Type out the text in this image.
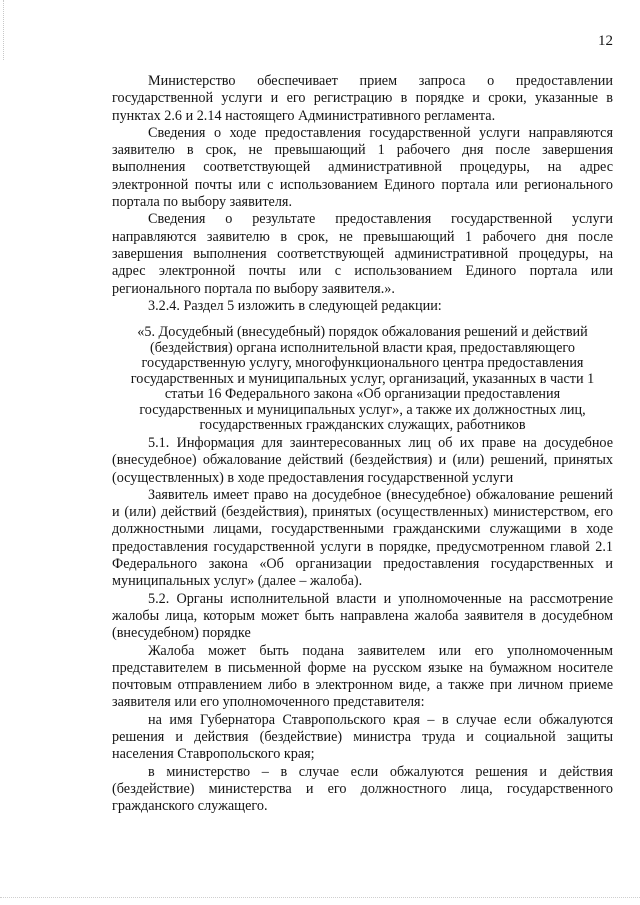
12

Министерство обеспечивает прием запроса о предоставлении государственной услуги и его регистрацию в порядке и сроки, указанные в пунктах 2.6 и 2.14 настоящего Административного регламента.

Сведения о ходе предоставления государственной услуги направляются заявителю в срок, не превышающий 1 рабочего дня после завершения выполнения соответствующей административной процедуры, на адрес электронной почты или с использованием Единого портала или регионального портала по выбору заявителя.

Сведения о результате предоставления государственной услуги направляются заявителю в срок, не превышающий 1 рабочего дня после завершения выполнения соответствующей административной процедуры, на адрес электронной почты или с использованием Единого портала или регионального портала по выбору заявителя.».

3.2.4. Раздел 5 изложить в следующей редакции:

«5. Досудебный (внесудебный) порядок обжалования решений и действий (бездействия) органа исполнительной власти края, предоставляющего государственную услугу, многофункционального центра предоставления государственных и муниципальных услуг, организаций, указанных в части 1 статьи 16 Федерального закона «Об организации предоставления государственных и муниципальных услуг», а также их должностных лиц, государственных гражданских служащих, работников

5.1. Информация для заинтересованных лиц об их праве на досудебное (внесудебное) обжалование действий (бездействия) и (или) решений, принятых (осуществленных) в ходе предоставления государственной услуги

Заявитель имеет право на досудебное (внесудебное) обжалование решений и (или) действий (бездействия), принятых (осуществленных) министерством, его должностными лицами, государственными гражданскими служащими в ходе предоставления государственной услуги в порядке, предусмотренном главой 2.1 Федерального закона «Об организации предоставления государственных и муниципальных услуг» (далее – жалоба).

5.2. Органы исполнительной власти и уполномоченные на рассмотрение жалобы лица, которым может быть направлена жалоба заявителя в досудебном (внесудебном) порядке

Жалоба может быть подана заявителем или его уполномоченным представителем в письменной форме на русском языке на бумажном носителе почтовым отправлением либо в электронном виде, а также при личном приеме заявителя или его уполномоченного представителя:

на имя Губернатора Ставропольского края – в случае если обжалуются решения и действия (бездействие) министра труда и социальной защиты населения Ставропольского края;

в министерство – в случае если обжалуются решения и действия (бездействие) министерства и его должностного лица, государственного гражданского служащего.
